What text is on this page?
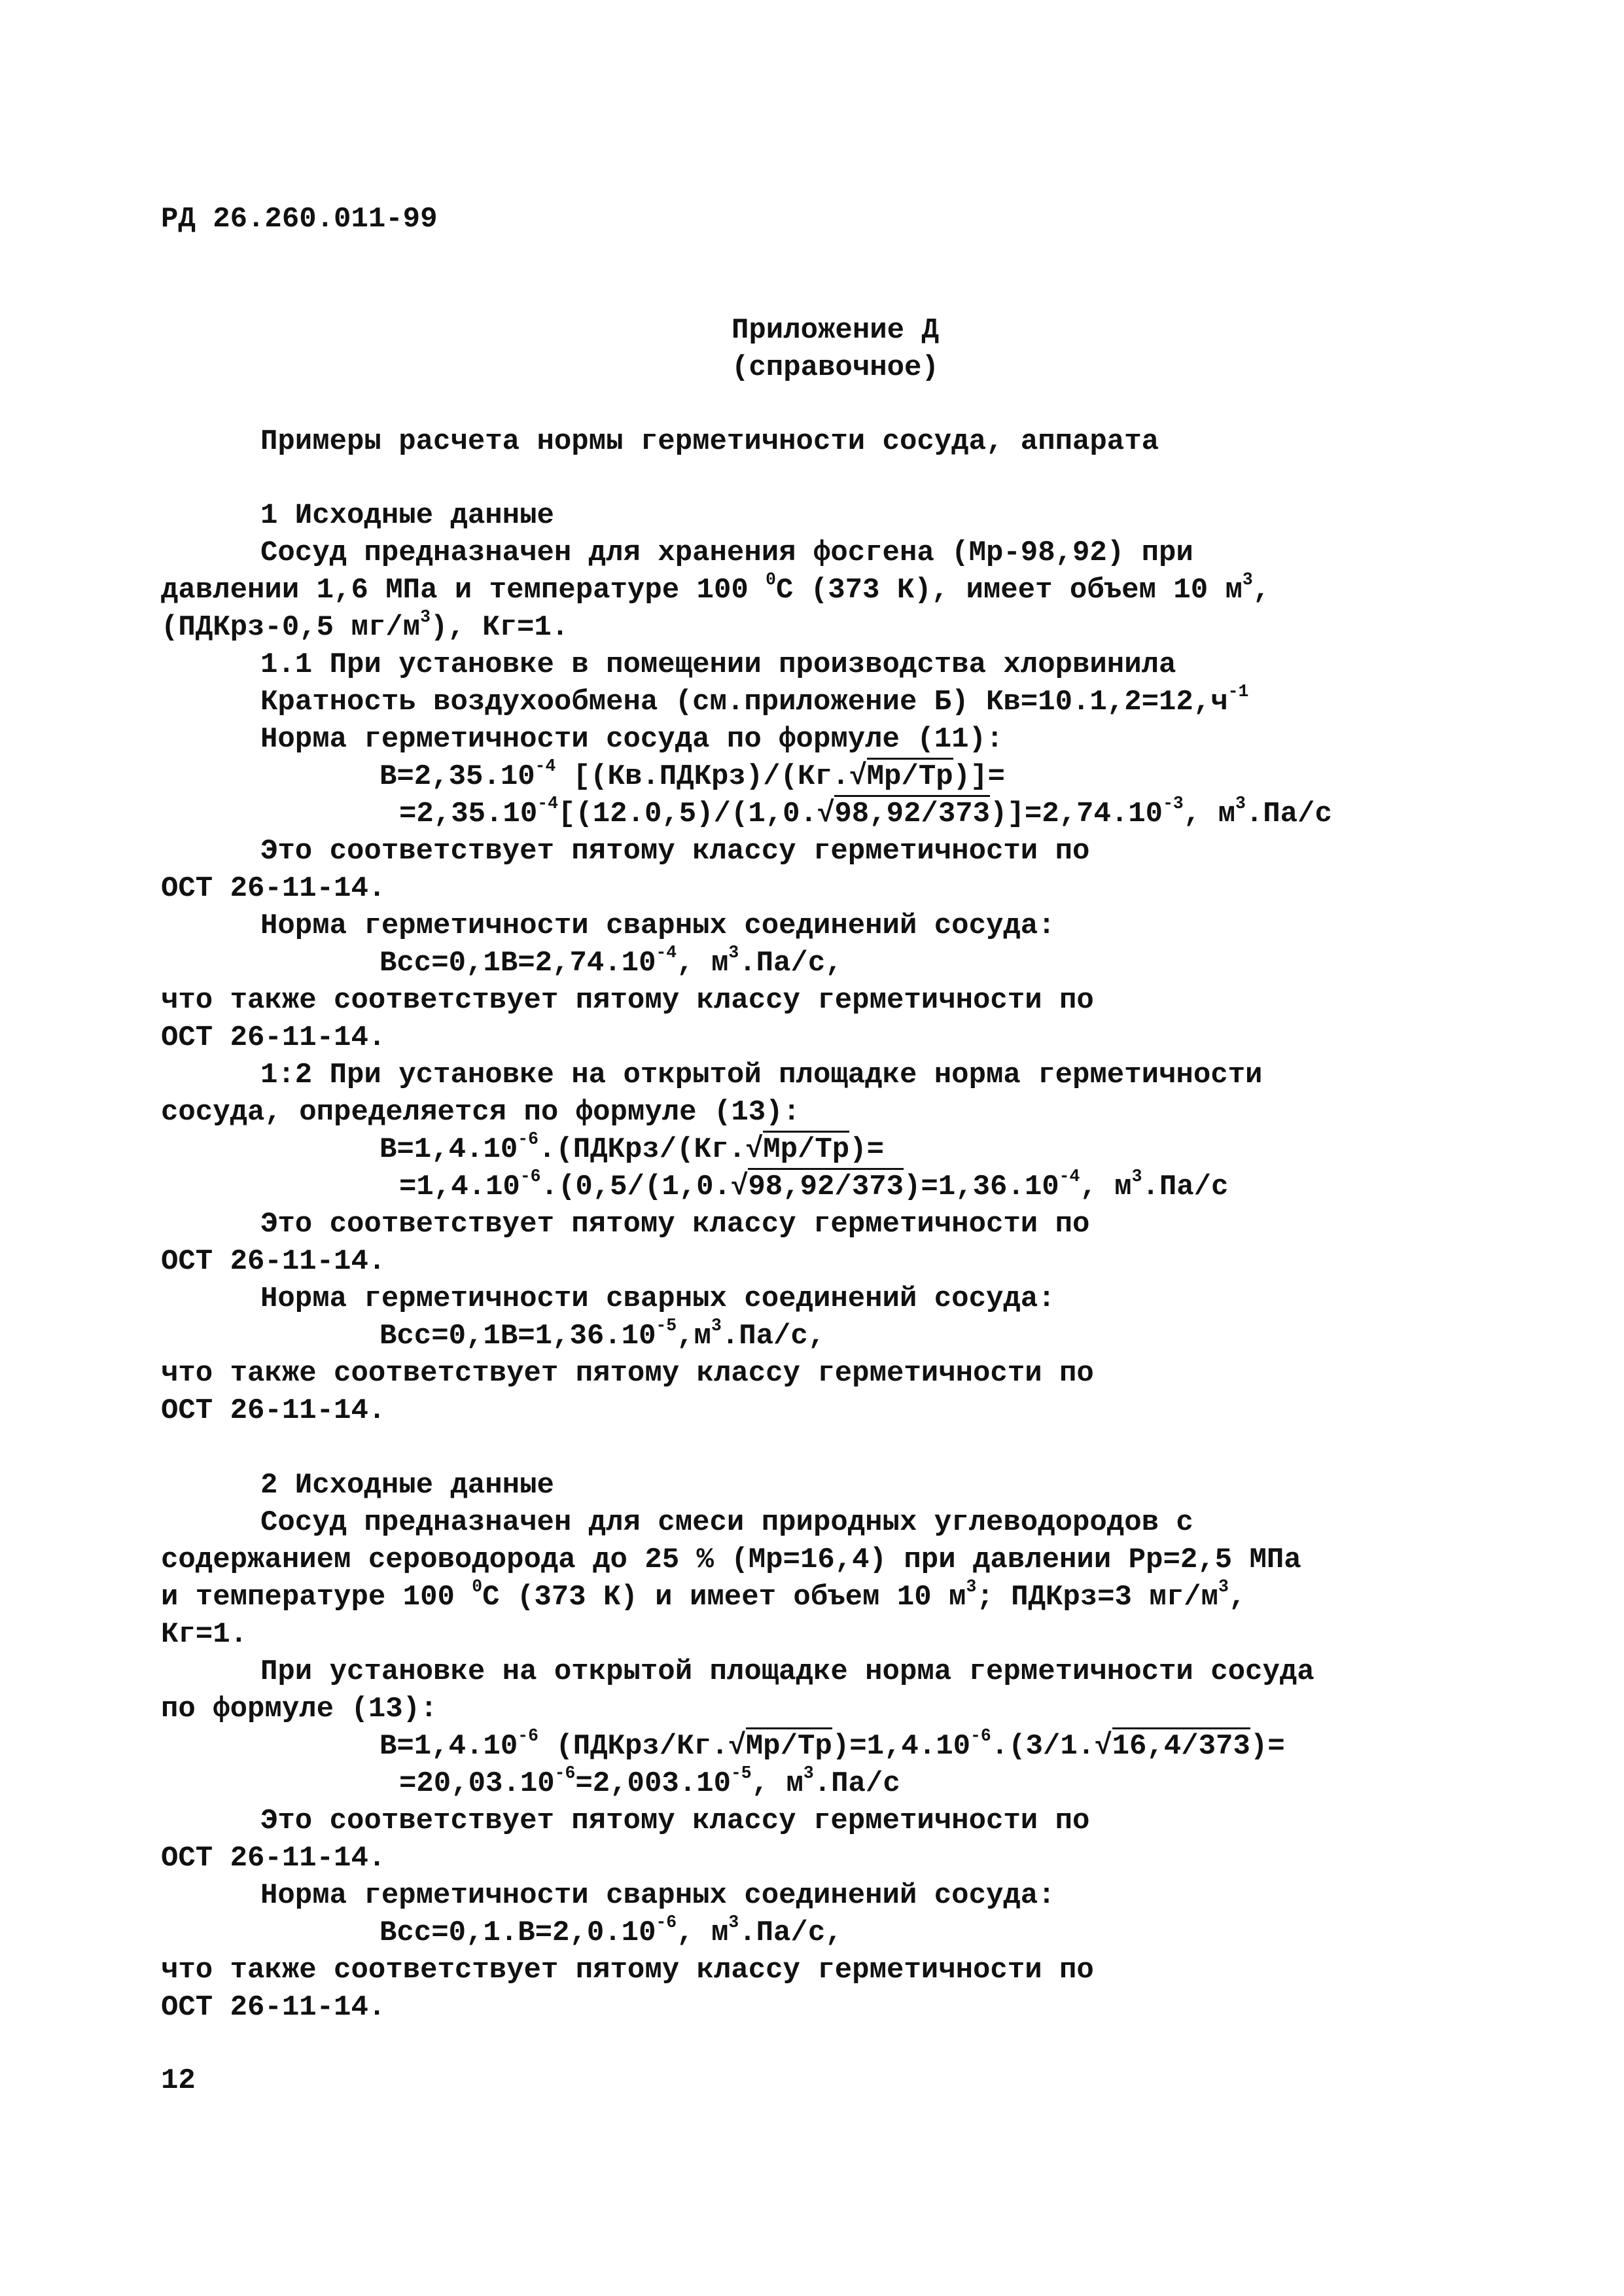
РД 26.260.011-99
Приложение Д
(справочное)
Примеры расчета нормы герметичности сосуда, аппарата
1 Исходные данные
Сосуд предназначен для хранения фосгена (Мр-98,92) при
давлении 1,6 МПа и температуре 100 $^0$С (373 К), имеет объем 10 $м^3$,
(ПДКрз-0,5 $мг/м^3$), Кг=1.
1.1 При установке в помещении производства хлорвинила
Кратность воздухообмена (см.приложение Б) $Кв=10.1,2=12,ч^{-1}$
Норма герметичности сосуда по формуле (11):
$В=2,35.10^{-4}$ [(Кв.ПДКрз)/(Кг.√Мр/Тр)]=
$=2,35.10^{-4}[(12.0,5)/(1,0.√98,92/373)]=2,74.10^{-3}$, $м^3.Па/с$
Это соответствует пятому классу герметичности по
ОСТ 26-11-14.
Норма герметичности сварных соединений сосуда:
$Вcc=0,1В=2,74.10^{-4}$, $м^3.Па/с$,
что также соответствует пятому классу герметичности по
ОСТ 26-11-14.
1:2 При установке на открытой площадке норма герметичности
сосуда, определяется по формуле (13):
$В=1,4.10^{-6}.(ПДКрз/(Кг.√Мр/Тр)=$
$=1,4.10^{-6}.(0,5/(1,0.√98,92/373)=1,36.10^{-4}$, $м^3.Па/с$
Это соответствует пятому классу герметичности по
ОСТ 26-11-14.
Норма герметичности сварных соединений сосуда:
$Вcc=0,1В=1,36.10^{-5},м^3.Па/с$,
что также соответствует пятому классу герметичности по
ОСТ 26-11-14.
2 Исходные данные
Сосуд предназначен для смеси природных углеводородов с
содержанием сероводорода до 25 % (Мр=16,4) при давлении Рр=2,5 МПа
и температуре 100 $^0$С (373 К) и имеет объем 10 $м^3$; ПДКрз=3 $мг/м^3$,
Кг=1.
При установке на открытой площадке норма герметичности сосуда
по формуле (13):
$В=1,4.10^{-6}$ $(ПДКрз/Кг.√Мр/Тр)=1,4.10^{-6}.(3/1.√16,4/373)=$
$=20,03.10^{-6}=2,003.10^{-5}$, $м^3.Па/с$
Это соответствует пятому классу герметичности по
ОСТ 26-11-14.
Норма герметичности сварных соединений сосуда:
$Вcc=0,1.В=2,0.10^{-6}$, $м^3.Па/с$,
что также соответствует пятому классу герметичности по
ОСТ 26-11-14.
12
